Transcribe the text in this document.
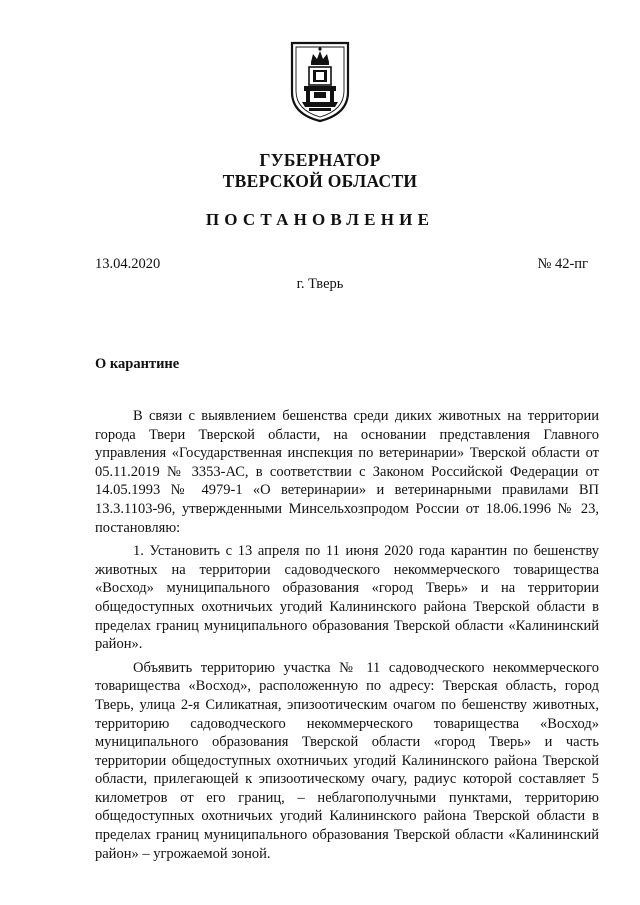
ГУБЕРНАТОР
ТВЕРСКОЙ ОБЛАСТИ
ПОСТАНОВЛЕНИЕ
13.04.2020	№ 42-пг
г. Тверь
О карантине

В связи с выявлением бешенства среди диких животных на территории города Твери Тверской области, на основании представления Главного управления «Государственная инспекция по ветеринарии» Тверской области от 05.11.2019 № 3353-АС, в соответствии с Законом Российской Федерации от 14.05.1993 № 4979-1 «О ветеринарии» и ветеринарными правилами ВП 13.3.1103-96, утвержденными Минсельхозпродом России от 18.06.1996 № 23, постановляю:

1. Установить с 13 апреля по 11 июня 2020 года карантин по бешенству животных на территории садоводческого некоммерческого товарищества «Восход» муниципального образования «город Тверь» и на территории общедоступных охотничьих угодий Калининского района Тверской области в пределах границ муниципального образования Тверской области «Калининский район».

Объявить территорию участка № 11 садоводческого некоммерческого товарищества «Восход», расположенную по адресу: Тверская область, город Тверь, улица 2-я Силикатная, эпизоотическим очагом по бешенству животных, территорию садоводческого некоммерческого товарищества «Восход» муниципального образования Тверской области «город Тверь» и часть территории общедоступных охотничьих угодий Калининского района Тверской области, прилегающей к эпизоотическому очагу, радиус которой составляет 5 километров от его границ, – неблагополучными пунктами, территорию общедоступных охотничьих угодий Калининского района Тверской области в пределах границ муниципального образования Тверской области «Калининский район» – угрожаемой зоной.
